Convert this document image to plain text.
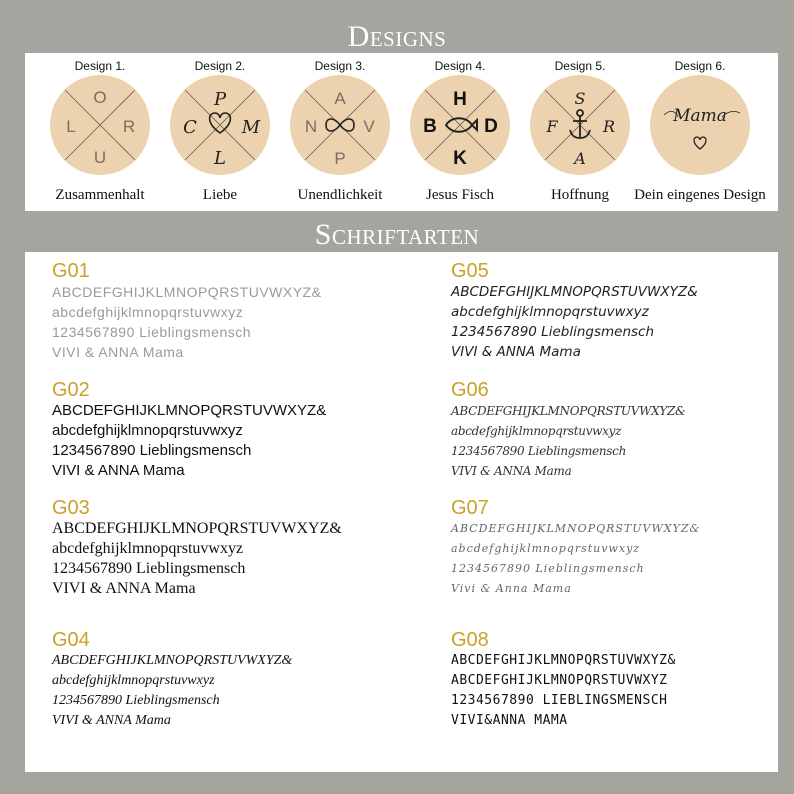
Designs
Design 1.
O
L	R
U
Zusammenhalt
Design 2.
P
C M
L
Liebe
Design 3.
A
N	V
P
Unendlichkeit
Design 4.
H
B D
K
Jesus Fisch
Design 5.
S
F	R
A
Hoffnung
Design 6.
Mama
Dein eingenes Design
Schriftarten
G01
ABCDEFGHIJKLMNOPQRSTUVWXYZ&
abcdefghijklmnopqrstuvwxyz
1234567890 Lieblingsmensch
VIVI & ANNA Mama
G02
ABCDEFGHIJKLMNOPQRSTUVWXYZ&
abcdefghijklmnopqrstuvwxyz
1234567890 Lieblingsmensch
VIVI & ANNA Mama
G03
ABCDEFGHIJKLMNOPQRSTUVWXYZ&
abcdefghijklmnopqrstuvwxyz
1234567890 Lieblingsmensch
VIVI & ANNA Mama
G04
ABCDEFGHIJKLMNOPQRSTUVWXYZ&
abcdefghijklmnopqrstuvwxyz
1234567890 Lieblingsmensch
VIVI & ANNA Mama
G05
ABCDEFGHIJKLMNOPQRSTUVWXYZ&
abcdefghijklmnopqrstuvwxyz
1234567890 Lieblingsmensch
VIVI & ANNA Mama
G06
ABCDEFGHIJKLMNOPQRSTUVWXYZ&
abcdefghijklmnopqrstuvwxyz
1234567890 Lieblingsmensch
VIVI & ANNA Mama
G07
ABCDEFGHIJKLMNOPQRSTUVWXYZ&
abcdefghijklmnopqrstuvwxyz
1234567890 Lieblingsmensch
Vivi & Anna Mama
G08
ABCDEFGHIJKLMNOPQRSTUVWXYZ&
ABCDEFGHIJKLMNOPQRSTUVWXYZ
1234567890 LIEBLINGSMENSCH
VIVI&ANNA MAMA
